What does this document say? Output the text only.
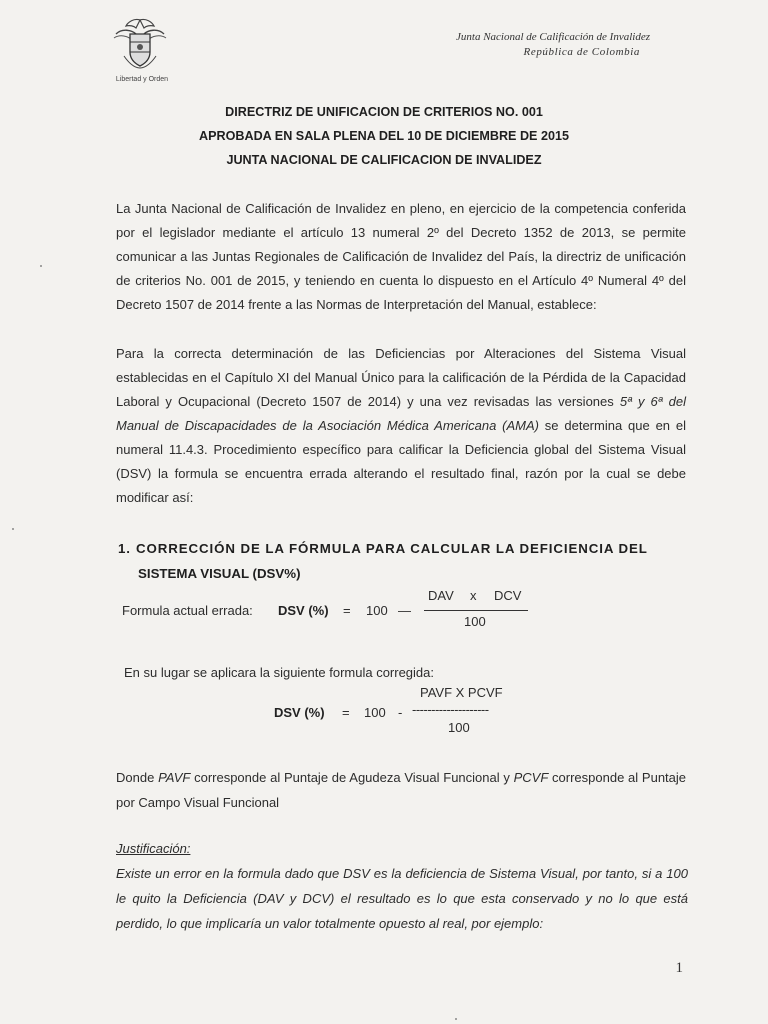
Libertad y Orden
Junta Nacional de Calificación de Invalidez
República de Colombia
DIRECTRIZ DE UNIFICACION DE CRITERIOS NO. 001
APROBADA EN SALA PLENA DEL 10 DE DICIEMBRE DE 2015
JUNTA NACIONAL DE CALIFICACION DE INVALIDEZ
La Junta Nacional de Calificación de Invalidez en pleno, en ejercicio de la competencia conferida por el legislador mediante el artículo 13 numeral 2º del Decreto 1352 de 2013, se permite comunicar a las Juntas Regionales de Calificación de Invalidez del País, la directriz de unificación de criterios No. 001 de 2015, y teniendo en cuenta lo dispuesto en el Artículo 4º Numeral 4º del Decreto 1507 de 2014 frente a las Normas de Interpretación del Manual, establece:
Para la correcta determinación de las Deficiencias por Alteraciones del Sistema Visual establecidas en el Capítulo XI del Manual Único para la calificación de la Pérdida de la Capacidad Laboral y Ocupacional (Decreto 1507 de 2014) y una vez revisadas las versiones 5ª y 6ª del Manual de Discapacidades de la Asociación Médica Americana (AMA) se determina que en el numeral 11.4.3. Procedimiento específico para calificar la Deficiencia global del Sistema Visual (DSV) la formula se encuentra errada alterando el resultado final, razón por la cual se debe modificar así:
1. CORRECCIÓN DE LA FÓRMULA PARA CALCULAR LA DEFICIENCIA DEL
SISTEMA VISUAL (DSV%)
Formula actual errada: DSV (%) = 100 —
DAV x DCV
100
En su lugar se aplicara la siguiente formula corregida:
PAVF X PCVF
DSV (%) = 100 - --------------------
100
Donde PAVF corresponde al Puntaje de Agudeza Visual Funcional y PCVF corresponde al Puntaje por Campo Visual Funcional
Justificación:
Existe un error en la formula dado que DSV es la deficiencia de Sistema Visual, por tanto, si a 100 le quito la Deficiencia (DAV y DCV) el resultado es lo que esta conservado y no lo que está perdido, lo que implicaría un valor totalmente opuesto al real, por ejemplo:
1
